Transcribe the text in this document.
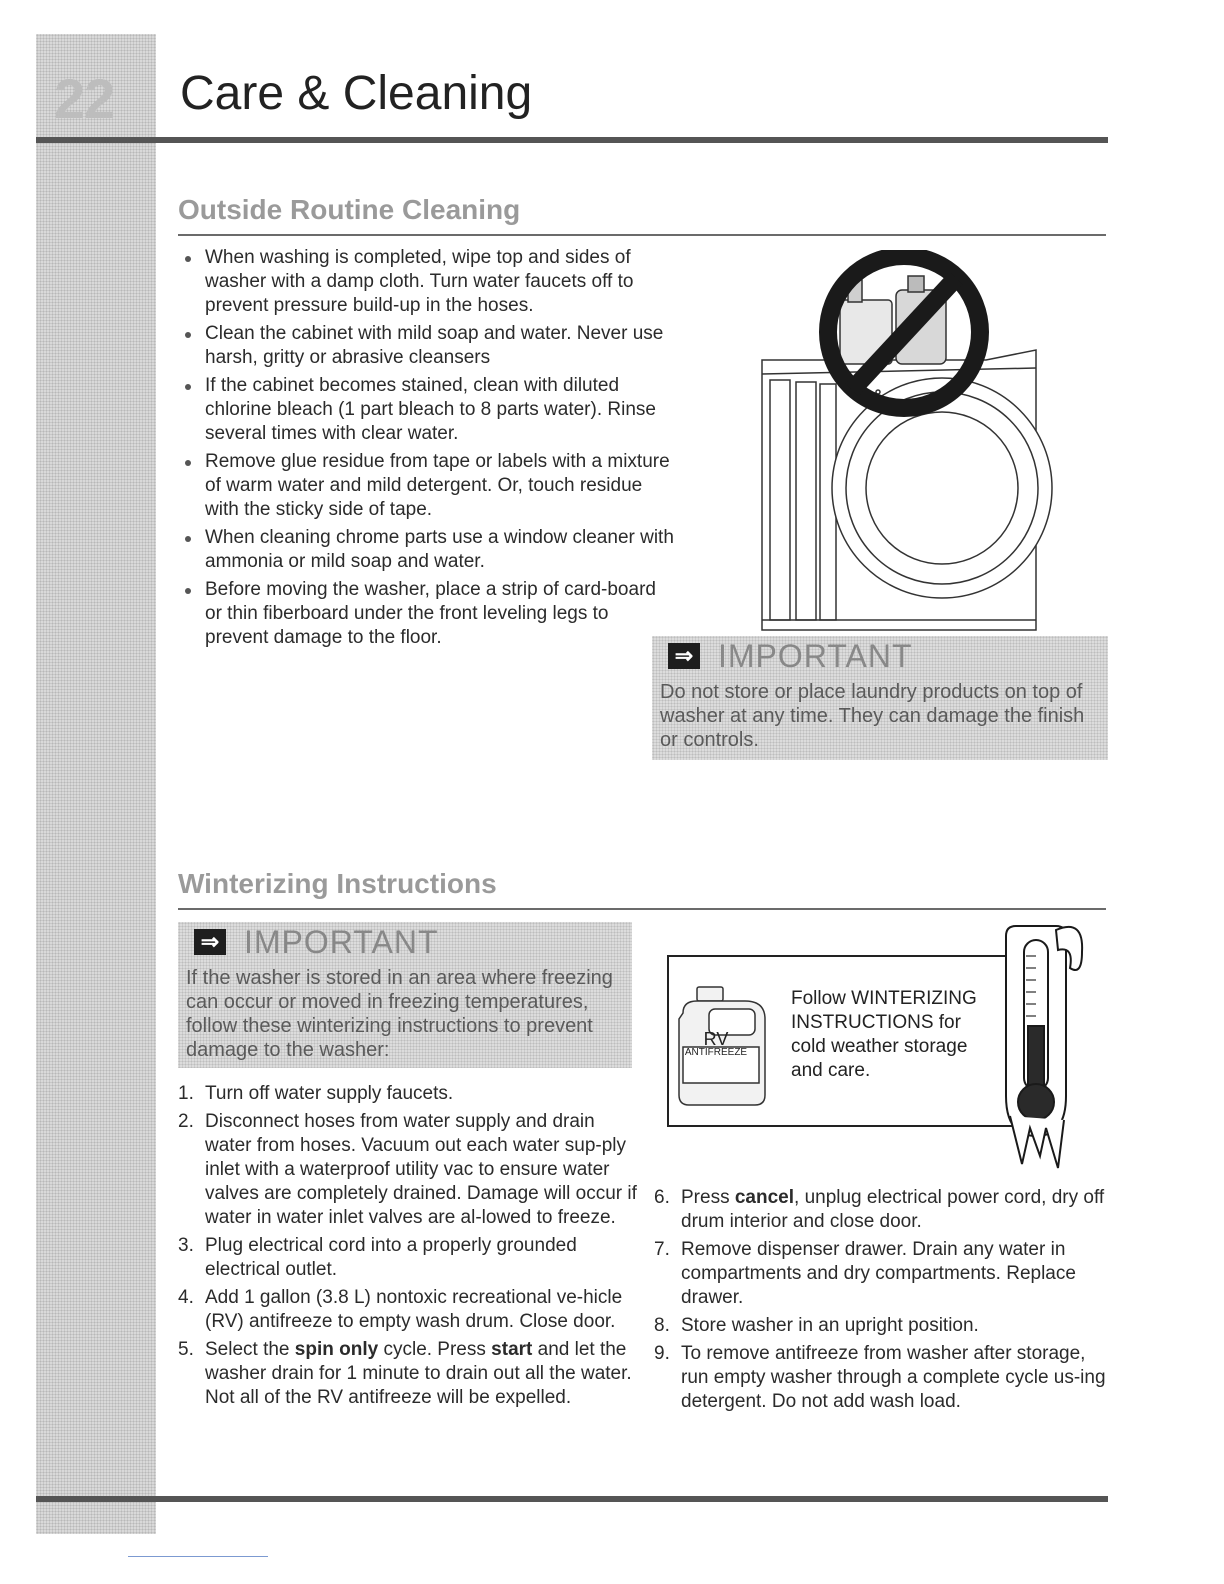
22 Care & Cleaning
Outside Routine Cleaning
When washing is completed, wipe top and sides of washer with a damp cloth. Turn water faucets off to prevent pressure build-up in the hoses.
Clean the cabinet with mild soap and water. Never use harsh, gritty or abrasive cleansers
If the cabinet becomes stained, clean with diluted chlorine bleach (1 part bleach to 8 parts water). Rinse several times with clear water.
Remove glue residue from tape or labels with a mixture of warm water and mild detergent. Or, touch residue with the sticky side of tape.
When cleaning chrome parts use a window cleaner with ammonia or mild soap and water.
Before moving the washer, place a strip of card-board or thin fiberboard under the front leveling legs to prevent damage to the floor.
⇒ IMPORTANT
Do not store or place laundry products on top of washer at any time. They can damage the finish or controls.
Winterizing Instructions
⇒ IMPORTANT
If the washer is stored in an area where freezing can occur or moved in freezing temperatures, follow these winterizing instructions to prevent damage to the washer:
1. Turn off water supply faucets.
2. Disconnect hoses from water supply and drain water from hoses. Vacuum out each water sup-ply inlet with a waterproof utility vac to ensure water valves are completely drained. Damage will occur if water in water inlet valves are al-lowed to freeze.
3. Plug electrical cord into a properly grounded electrical outlet.
4. Add 1 gallon (3.8 L) nontoxic recreational ve-hicle (RV) antifreeze to empty wash drum. Close door.
5. Select the spin only cycle. Press start and let the washer drain for 1 minute to drain out all the water. Not all of the RV antifreeze will be expelled.
6. Press cancel, unplug electrical power cord, dry off drum interior and close door.
7. Remove dispenser drawer. Drain any water in compartments and dry compartments. Replace drawer.
8. Store washer in an upright position.
9. To remove antifreeze from washer after storage, run empty washer through a complete cycle us-ing detergent. Do not add wash load.
RV
ANTIFREEZE
Follow WINTERIZING INSTRUCTIONS for cold weather storage and care.
